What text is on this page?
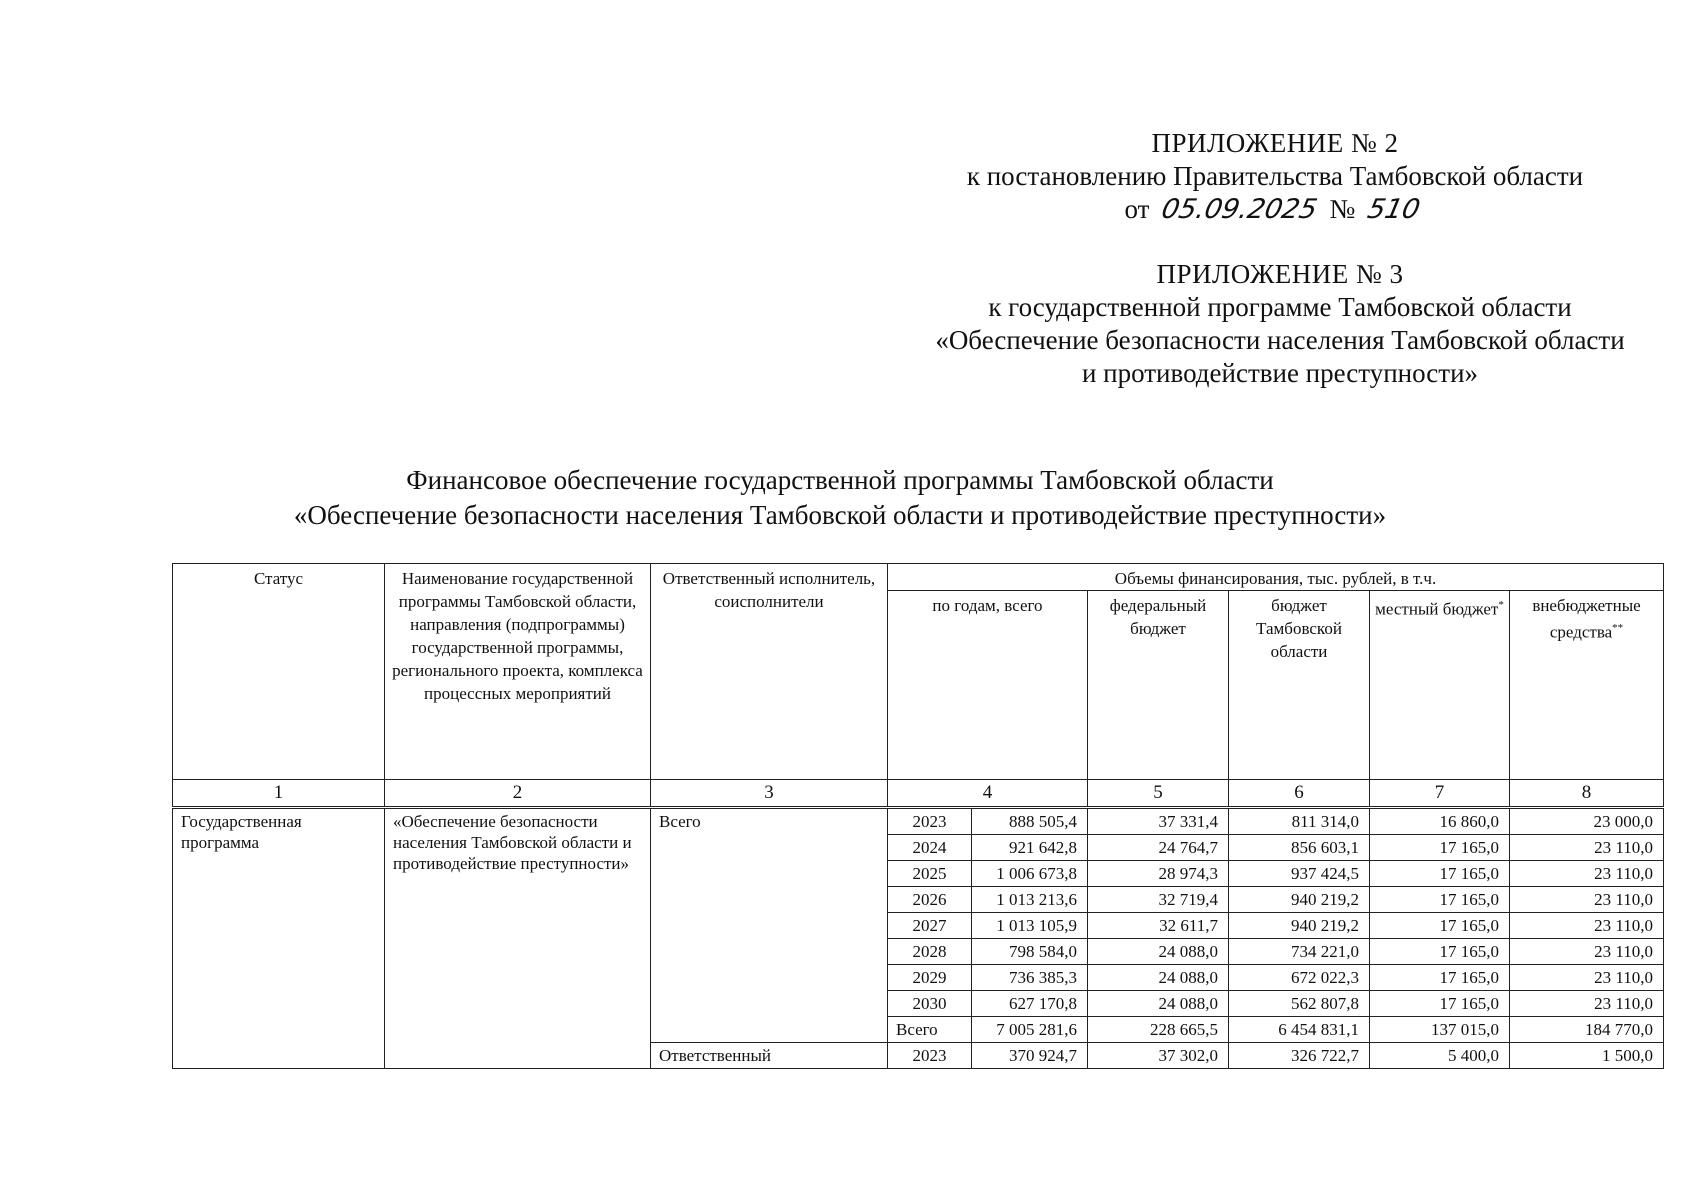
ПРИЛОЖЕНИЕ № 2
к постановлению Правительства Тамбовской области
от 05.09.2025 № 510
ПРИЛОЖЕНИЕ № 3
к государственной программе Тамбовской области
«Обеспечение безопасности населения Тамбовской области
и противодействие преступности»
Финансовое обеспечение государственной программы Тамбовской области
«Обеспечение безопасности населения Тамбовской области и противодействие преступности»
Статус	Наименование государственной программы Тамбовской области, направления (подпрограммы) государственной программы, регионального проекта, комплекса процессных мероприятий	Ответственный исполнитель, соисполнители	Объемы финансирования, тыс. рублей, в т.ч.					
			по годам, всего		федеральный бюджет	бюджет Тамбовской области	местный бюджет*	внебюджетные средства**
1	2	3	4		5	6	7	8
Государственная программа	«Обеспечение безопасности населения Тамбовской области и противодействие преступности»	Всего	2023	888 505,4	37 331,4	811 314,0	16 860,0	23 000,0
			2024	921 642,8	24 764,7	856 603,1	17 165,0	23 110,0
			2025	1 006 673,8	28 974,3	937 424,5	17 165,0	23 110,0
			2026	1 013 213,6	32 719,4	940 219,2	17 165,0	23 110,0
			2027	1 013 105,9	32 611,7	940 219,2	17 165,0	23 110,0
			2028	798 584,0	24 088,0	734 221,0	17 165,0	23 110,0
			2029	736 385,3	24 088,0	672 022,3	17 165,0	23 110,0
			2030	627 170,8	24 088,0	562 807,8	17 165,0	23 110,0
			Всего	7 005 281,6	228 665,5	6 454 831,1	137 015,0	184 770,0
		Ответственный	2023	370 924,7	37 302,0	326 722,7	5 400,0	1 500,0
